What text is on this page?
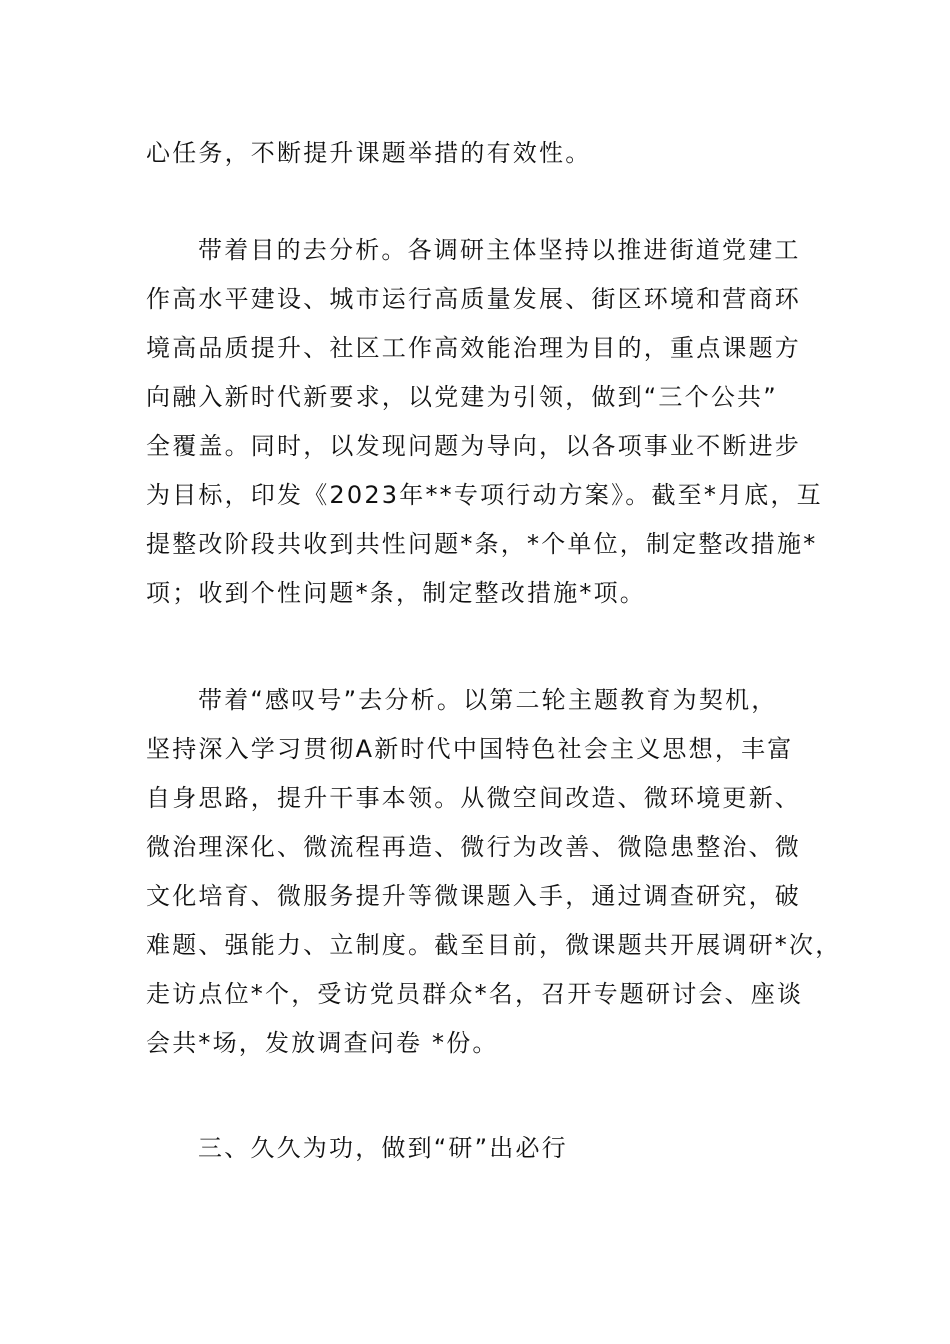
心任务，不断提升课题举措的有效性。
带着目的去分析。各调研主体坚持以推进街道党建工
作高水平建设、城市运行高质量发展、街区环境和营商环
境高品质提升、社区工作高效能治理为目的，重点课题方
向融入新时代新要求，以党建为引领，做到“三个公共”
全覆盖。同时，以发现问题为导向，以各项事业不断进步
为目标，印发《2023年**专项行动方案》。截至*月底，互
提整改阶段共收到共性问题*条，*个单位，制定整改措施*
项；收到个性问题*条，制定整改措施*项。
带着“感叹号”去分析。以第二轮主题教育为契机，
坚持深入学习贯彻A新时代中国特色社会主义思想，丰富
自身思路，提升干事本领。从微空间改造、微环境更新、
微治理深化、微流程再造、微行为改善、微隐患整治、微
文化培育、微服务提升等微课题入手，通过调查研究，破
难题、强能力、立制度。截至目前，微课题共开展调研*次，
走访点位*个，受访党员群众*名，召开专题研讨会、座谈
会共*场，发放调查问卷 *份。
三、久久为功，做到“研”出必行
